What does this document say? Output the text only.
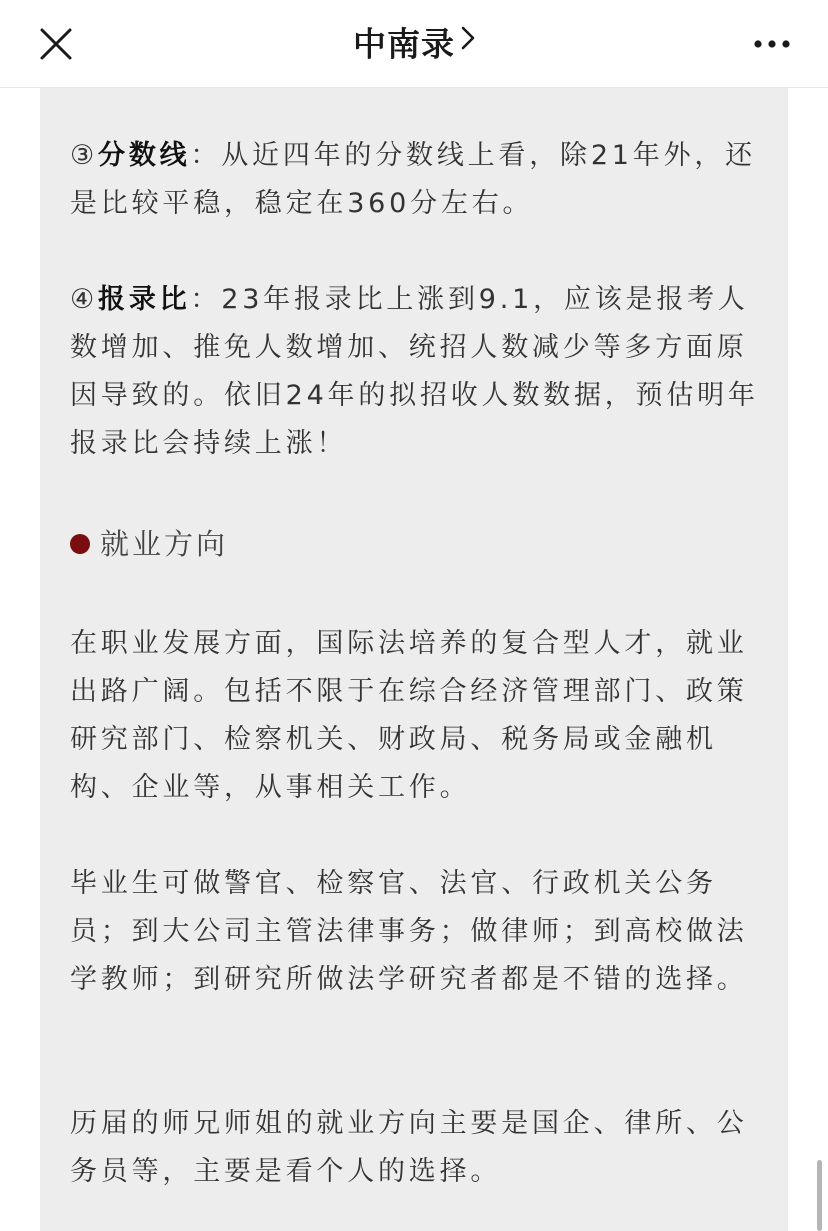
中南录

③分数线：从近四年的分数线上看，除21年外，还是比较平稳，稳定在360分左右。

④报录比：23年报录比上涨到9.1，应该是报考人数增加、推免人数增加、统招人数减少等多方面原因导致的。依旧24年的拟招收人数数据，预估明年报录比会持续上涨！

就业方向

在职业发展方面，国际法培养的复合型人才，就业出路广阔。包括不限于在综合经济管理部门、政策研究部门、检察机关、财政局、税务局或金融机构、企业等，从事相关工作。

毕业生可做警官、检察官、法官、行政机关公务员；到大公司主管法律事务；做律师；到高校做法学教师；到研究所做法学研究者都是不错的选择。

历届的师兄师姐的就业方向主要是国企、律所、公务员等，主要是看个人的选择。
